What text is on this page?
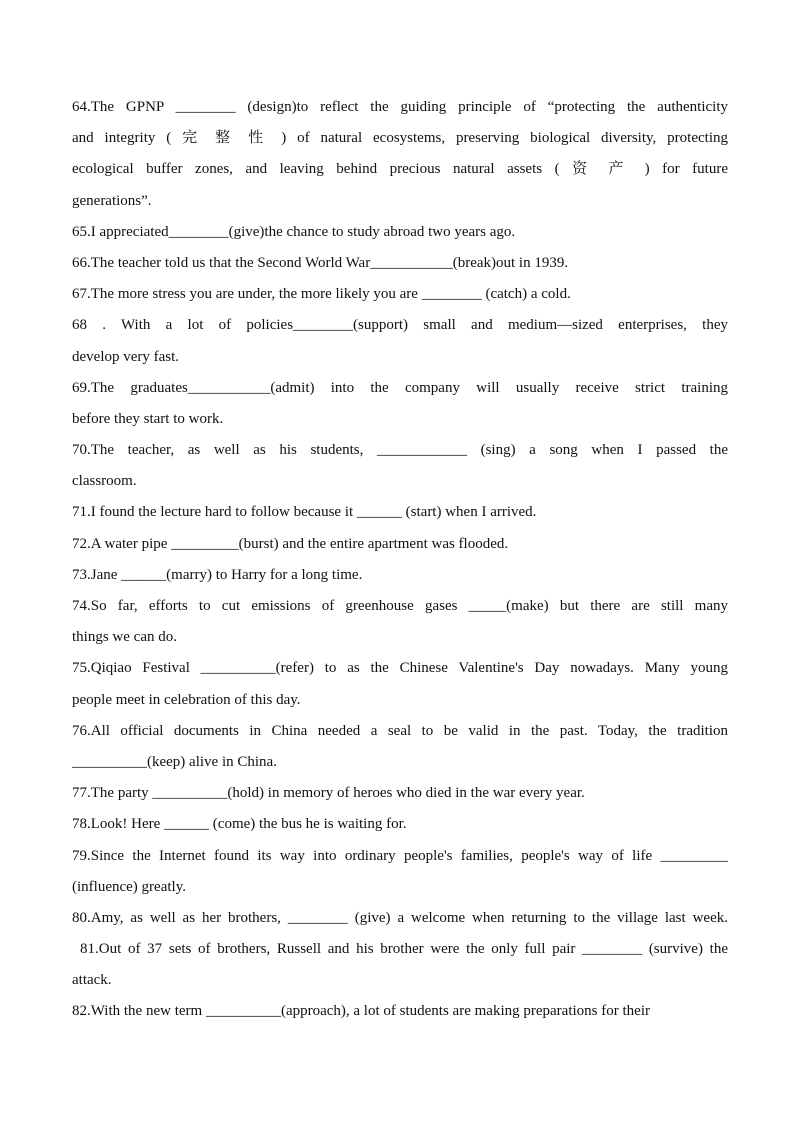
64.The GPNP ________ (design)to reflect the guiding principle of “protecting the authenticity
and integrity ( 完 整 性 ) of natural ecosystems, preserving biological diversity, protecting
ecological buffer zones, and leaving behind precious natural assets ( 资 产 ) for future
generations”.
65.I appreciated________(give)the chance to study abroad two years ago.
66.The teacher told us that the Second World War___________(break)out in 1939.
67.The more stress you are under, the more likely you are ________ (catch) a cold.
68 . With a lot of policies________(support) small and medium—sized enterprises, they
develop very fast.
69.The graduates___________(admit) into the company will usually receive strict training
before they start to work.
70.The teacher, as well as his students, ____________ (sing) a song when I passed the
classroom.
71.I found the lecture hard to follow because it ______ (start) when I arrived.
72.A water pipe _________(burst) and the entire apartment was flooded.
73.Jane ______(marry) to Harry for a long time.
74.So far, efforts to cut emissions of greenhouse gases _____(make) but there are still many
things we can do.
75.Qiqiao Festival __________(refer) to as the Chinese Valentine's Day nowadays. Many young
people meet in celebration of this day.
76.All official documents in China needed a seal to be valid in the past. Today, the tradition
__________(keep) alive in China.
77.The party __________(hold) in memory of heroes who died in the war every year.
78.Look! Here ______ (come) the bus he is waiting for.
79.Since the Internet found its way into ordinary people's families, people's way of life _________
(influence) greatly.
80.Amy, as well as her brothers, ________ (give) a welcome when returning to the village last week.
81.Out of 37 sets of brothers, Russell and his brother were the only full pair ________ (survive) the
attack.
82.With the new term __________(approach), a lot of students are making preparations for their
